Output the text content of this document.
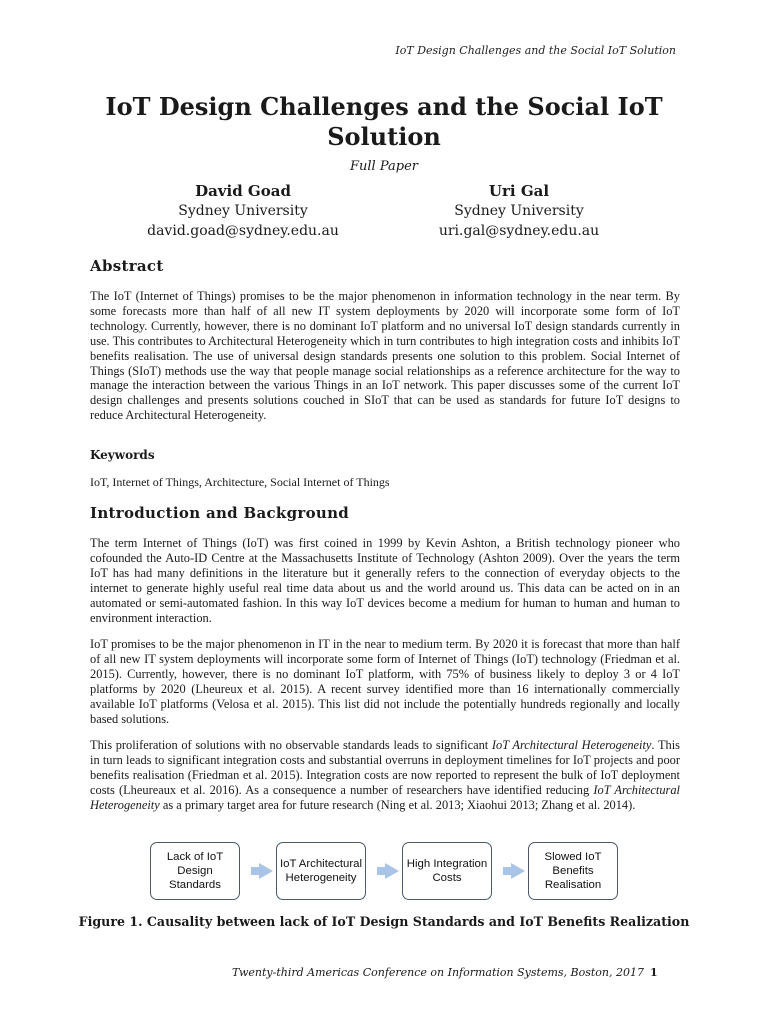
IoT Design Challenges and the Social IoT Solution
IoT Design Challenges and the Social IoT Solution
Full Paper
David Goad
Sydney University
david.goad@sydney.edu.au
Uri Gal
Sydney University
uri.gal@sydney.edu.au
Abstract
The IoT (Internet of Things) promises to be the major phenomenon in information technology in the near term. By some forecasts more than half of all new IT system deployments by 2020 will incorporate some form of IoT technology. Currently, however, there is no dominant IoT platform and no universal IoT design standards currently in use. This contributes to Architectural Heterogeneity which in turn contributes to high integration costs and inhibits IoT benefits realisation. The use of universal design standards presents one solution to this problem. Social Internet of Things (SIoT) methods use the way that people manage social relationships as a reference architecture for the way to manage the interaction between the various Things in an IoT network. This paper discusses some of the current IoT design challenges and presents solutions couched in SIoT that can be used as standards for future IoT designs to reduce Architectural Heterogeneity.
Keywords
IoT, Internet of Things, Architecture, Social Internet of Things
Introduction and Background
The term Internet of Things (IoT) was first coined in 1999 by Kevin Ashton, a British technology pioneer who cofounded the Auto-ID Centre at the Massachusetts Institute of Technology (Ashton 2009). Over the years the term IoT has had many definitions in the literature but it generally refers to the connection of everyday objects to the internet to generate highly useful real time data about us and the world around us. This data can be acted on in an automated or semi-automated fashion. In this way IoT devices become a medium for human to human and human to environment interaction.
IoT promises to be the major phenomenon in IT in the near to medium term. By 2020 it is forecast that more than half of all new IT system deployments will incorporate some form of Internet of Things (IoT) technology (Friedman et al. 2015). Currently, however, there is no dominant IoT platform, with 75% of business likely to deploy 3 or 4 IoT platforms by 2020 (Lheureux et al. 2015). A recent survey identified more than 16 internationally commercially available IoT platforms (Velosa et al. 2015). This list did not include the potentially hundreds regionally and locally based solutions.
This proliferation of solutions with no observable standards leads to significant IoT Architectural Heterogeneity. This in turn leads to significant integration costs and substantial overruns in deployment timelines for IoT projects and poor benefits realisation (Friedman et al. 2015). Integration costs are now reported to represent the bulk of IoT deployment costs (Lheureaux et al. 2016). As a consequence a number of researchers have identified reducing IoT Architectural Heterogeneity as a primary target area for future research (Ning et al. 2013; Xiaohui 2013; Zhang et al. 2014).
Lack of IoT Design Standards
IoT Architectural Heterogeneity
High Integration Costs
Slowed IoT Benefits Realisation
Figure 1. Causality between lack of IoT Design Standards and IoT Benefits Realization
Twenty-third Americas Conference on Information Systems, Boston, 2017 1
